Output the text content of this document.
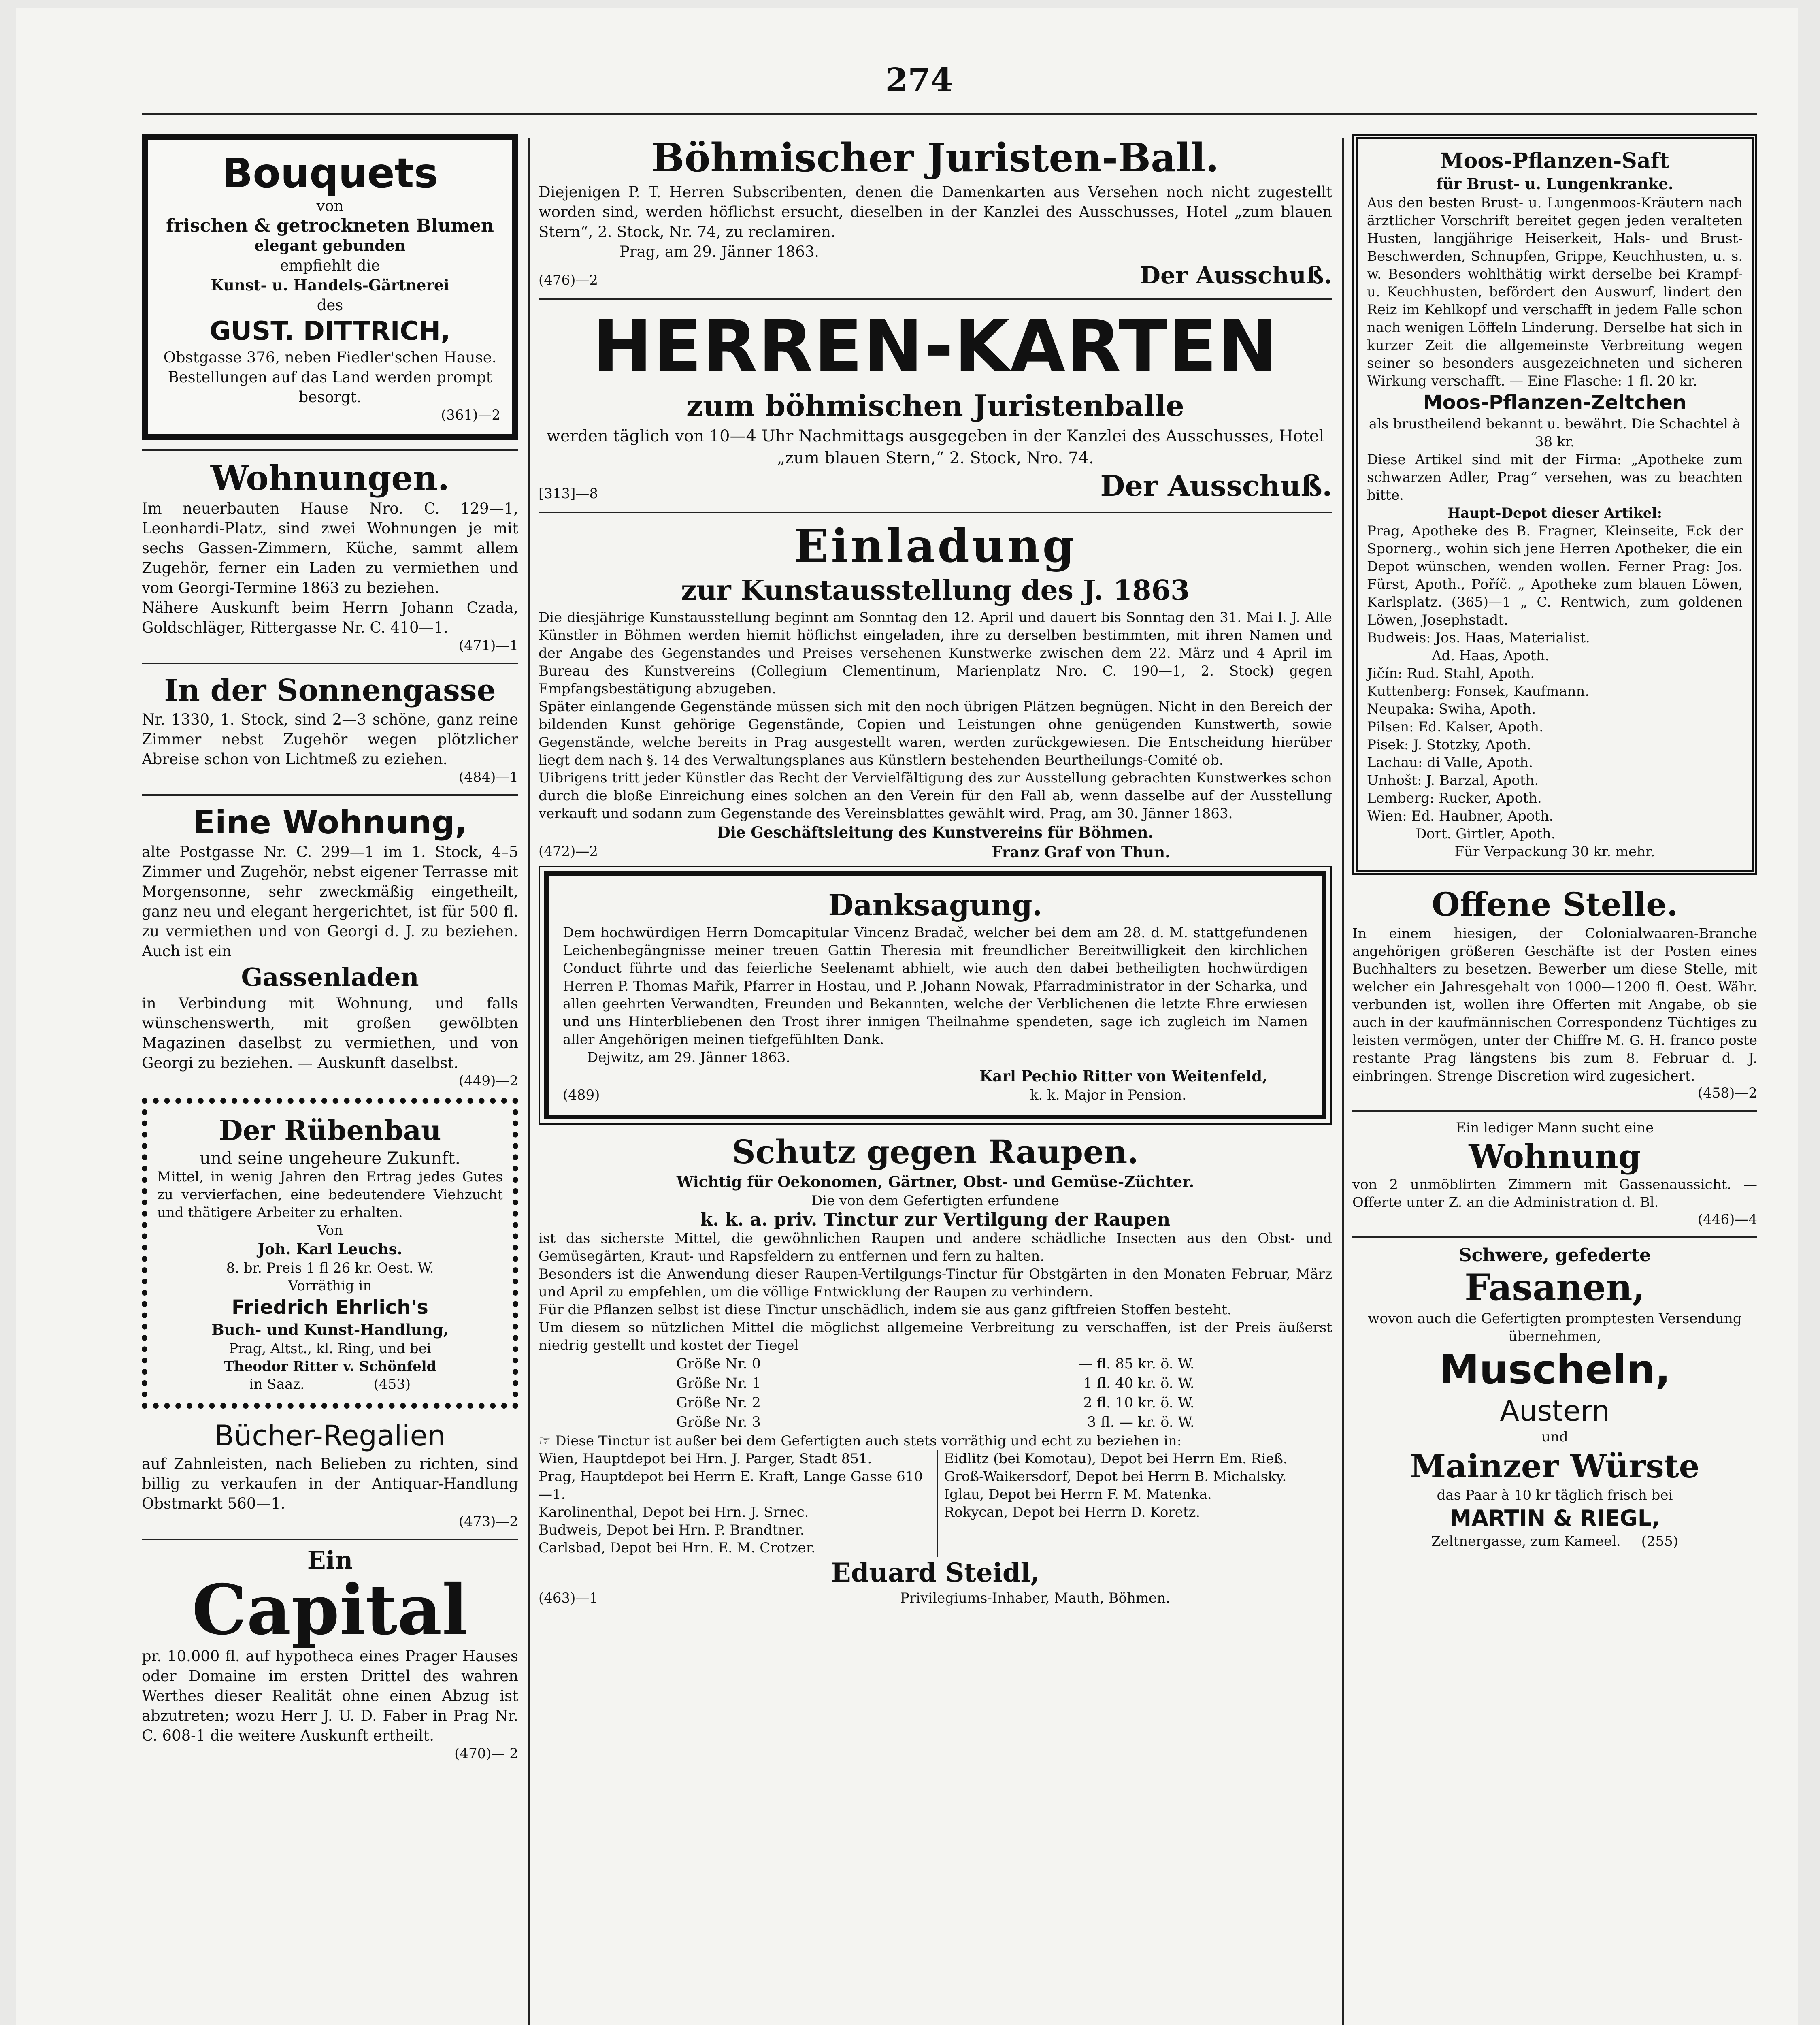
274
Bouquets
von
frischen & getrockneten Blumen
elegant gebunden
empfiehlt die
Kunst- u. Handels-Gärtnerei
des
GUST. DITTRICH,
Obstgasse 376, neben Fiedler'schen Hause. Bestellungen auf das Land werden prompt besorgt.
(361)—2
Wohnungen.
Im neuerbauten Hause Nro. C. 129—1, Leonhardi-Platz, sind zwei Wohnungen je mit sechs Gassen-Zimmern, Küche, sammt allem Zugehör, ferner ein Laden zu vermiethen und vom Georgi-Termine 1863 zu beziehen.
Nähere Auskunft beim Herrn Johann Czada, Goldschläger, Rittergasse Nr. C. 410—1.
(471)—1
In der Sonnengasse
Nr. 1330, 1. Stock, sind 2—3 schöne, ganz reine Zimmer nebst Zugehör wegen plötzlicher Abreise schon von Lichtmeß zu eziehen.
(484)—1
Eine Wohnung,
alte Postgasse Nr. C. 299—1 im 1. Stock, 4–5 Zimmer und Zugehör, nebst eigener Terrasse mit Morgensonne, sehr zweckmäßig eingetheilt, ganz neu und elegant hergerichtet, ist für 500 fl. zu vermiethen und von Georgi d. J. zu beziehen. Auch ist ein
Gassenladen
in Verbindung mit Wohnung, und falls wünschenswerth, mit großen gewölbten Magazinen daselbst zu vermiethen, und von Georgi zu beziehen. — Auskunft daselbst.
(449)—2
Der Rübenbau
und seine ungeheure Zukunft.
Mittel, in wenig Jahren den Ertrag jedes Gutes zu vervierfachen, eine bedeutendere Viehzucht und thätigere Arbeiter zu erhalten.
Von
Joh. Karl Leuchs.
8. br. Preis 1 fl 26 kr. Oest. W.
Vorräthig in
Friedrich Ehrlich's
Buch- und Kunst-Handlung,
Prag, Altst., kl. Ring, und bei
Theodor Ritter v. Schönfeld
in Saaz.	(453)
Bücher-Regalien
auf Zahnleisten, nach Belieben zu richten, sind billig zu verkaufen in der Antiquar-Handlung Obstmarkt 560—1.
(473)—2
Ein
Capital
pr. 10.000 fl. auf hypotheca eines Prager Hauses oder Domaine im ersten Drittel des wahren Werthes dieser Realität ohne einen Abzug ist abzutreten; wozu Herr J. U. D. Faber in Prag Nr. C. 608-1 die weitere Auskunft ertheilt.
(470)— 2
Böhmischer Juristen-Ball.
Diejenigen P. T. Herren Subscribenten, denen die Damenkarten aus Versehen noch nicht zugestellt worden sind, werden höflichst ersucht, dieselben in der Kanzlei des Ausschusses, Hotel „zum blauen Stern“, 2. Stock, Nr. 74, zu reclamiren.
Prag, am 29. Jänner 1863.
(476)—2	Der Ausschuß.
HERREN-KARTEN
zum böhmischen Juristenballe
werden täglich von 10—4 Uhr Nachmittags ausgegeben in der Kanzlei des Ausschusses, Hotel „zum blauen Stern,“ 2. Stock, Nro. 74.
[313]—8	Der Ausschuß.
Einladung
zur Kunstausstellung des J. 1863
Die diesjährige Kunstausstellung beginnt am Sonntag den 12. April und dauert bis Sonntag den 31. Mai l. J. Alle Künstler in Böhmen werden hiemit höflichst eingeladen, ihre zu derselben bestimmten, mit ihren Namen und der Angabe des Gegenstandes und Preises versehenen Kunstwerke zwischen dem 22. März und 4 April im Bureau des Kunstvereins (Collegium Clementinum, Marienplatz Nro. C. 190—1, 2. Stock) gegen Empfangsbestätigung abzugeben.
Später einlangende Gegenstände müssen sich mit den noch übrigen Plätzen begnügen. Nicht in den Bereich der bildenden Kunst gehörige Gegenstände, Copien und Leistungen ohne genügenden Kunstwerth, sowie Gegenstände, welche bereits in Prag ausgestellt waren, werden zurückgewiesen. Die Entscheidung hierüber liegt dem nach §. 14 des Verwaltungsplanes aus Künstlern bestehenden Beurtheilungs-Comité ob.
Uibrigens tritt jeder Künstler das Recht der Vervielfältigung des zur Ausstellung gebrachten Kunstwerkes schon durch die bloße Einreichung eines solchen an den Verein für den Fall ab, wenn dasselbe auf der Ausstellung verkauft und sodann zum Gegenstande des Vereinsblattes gewählt wird. Prag, am 30. Jänner 1863.
Die Geschäftsleitung des Kunstvereins für Böhmen.
(472)—2	Franz Graf von Thun.
Danksagung.
Dem hochwürdigen Herrn Domcapitular Vincenz Bradač, welcher bei dem am 28. d. M. stattgefundenen Leichenbegängnisse meiner treuen Gattin Theresia mit freundlicher Bereitwilligkeit den kirchlichen Conduct führte und das feierliche Seelenamt abhielt, wie auch den dabei betheiligten hochwürdigen Herren P. Thomas Mařik, Pfarrer in Hostau, und P. Johann Nowak, Pfarradministrator in der Scharka, und allen geehrten Verwandten, Freunden und Bekannten, welche der Verblichenen die letzte Ehre erwiesen und uns Hinterbliebenen den Trost ihrer innigen Theilnahme spendeten, sage ich zugleich im Namen aller Angehörigen meinen tiefgefühlten Dank.
Dejwitz, am 29. Jänner 1863.
Karl Pechio Ritter von Weitenfeld,
(489)	k. k. Major in Pension.
Schutz gegen Raupen.
Wichtig für Oekonomen, Gärtner, Obst- und Gemüse-Züchter.
Die von dem Gefertigten erfundene
k. k. a. priv. Tinctur zur Vertilgung der Raupen
ist das sicherste Mittel, die gewöhnlichen Raupen und andere schädliche Insecten aus den Obst- und Gemüsegärten, Kraut- und Rapsfeldern zu entfernen und fern zu halten.
Besonders ist die Anwendung dieser Raupen-Vertilgungs-Tinctur für Obstgärten in den Monaten Februar, März und April zu empfehlen, um die völlige Entwicklung der Raupen zu verhindern.
Für die Pflanzen selbst ist diese Tinctur unschädlich, indem sie aus ganz giftfreien Stoffen besteht.
Um diesem so nützlichen Mittel die möglichst allgemeine Verbreitung zu verschaffen, ist der Preis äußerst niedrig gestellt und kostet der Tiegel
Größe Nr. 0	— fl. 85 kr. ö. W.
Größe Nr. 1	1 fl. 40 kr. ö. W.
Größe Nr. 2	2 fl. 10 kr. ö. W.
Größe Nr. 3	3 fl. — kr. ö. W.
☞ Diese Tinctur ist außer bei dem Gefertigten auch stets vorräthig und echt zu beziehen in:
Wien, Hauptdepot bei Hrn. J. Parger, Stadt 851.
Prag, Hauptdepot bei Herrn E. Kraft, Lange Gasse 610—1.
Karolinenthal, Depot bei Hrn. J. Srnec.
Budweis, Depot bei Hrn. P. Brandtner.
Carlsbad, Depot bei Hrn. E. M. Crotzer.
Eidlitz (bei Komotau), Depot bei Herrn Em. Rieß.
Groß-Waikersdorf, Depot bei Herrn B. Michalsky.
Iglau, Depot bei Herrn F. M. Matenka.
Rokycan, Depot bei Herrn D. Koretz.
Eduard Steidl,
(463)—1	Privilegiums-Inhaber, Mauth, Böhmen.
Moos-Pflanzen-Saft
für Brust- u. Lungenkranke.
Aus den besten Brust- u. Lungenmoos-Kräutern nach ärztlicher Vorschrift bereitet gegen jeden veralteten Husten, langjährige Heiserkeit, Hals- und Brust-Beschwerden, Schnupfen, Grippe, Keuchhusten, u. s. w. Besonders wohlthätig wirkt derselbe bei Krampf- u. Keuchhusten, befördert den Auswurf, lindert den Reiz im Kehlkopf und verschafft in jedem Falle schon nach wenigen Löffeln Linderung. Derselbe hat sich in kurzer Zeit die allgemeinste Verbreitung wegen seiner so besonders ausgezeichneten und sicheren Wirkung verschafft. — Eine Flasche: 1 fl. 20 kr.
Moos-Pflanzen-Zeltchen
als brustheilend bekannt u. bewährt. Die Schachtel à 38 kr.
Diese Artikel sind mit der Firma: „Apotheke zum schwarzen Adler, Prag“ versehen, was zu beachten bitte.
Haupt-Depot dieser Artikel:
Prag, Apotheke des B. Fragner, Kleinseite, Eck der Spornerg., wohin sich jene Herren Apotheker, die ein Depot wünschen, wenden wollen. Ferner Prag: Jos. Fürst, Apoth., Poříč. „ Apotheke zum blauen Löwen, Karlsplatz. (365)—1 „ C. Rentwich, zum goldenen Löwen, Josephstadt.
Budweis: Jos. Haas, Materialist.
Ad. Haas, Apoth.
Jičín: Rud. Stahl, Apoth.
Kuttenberg: Fonsek, Kaufmann.
Neupaka: Swiha, Apoth.
Pilsen: Ed. Kalser, Apoth.
Pisek: J. Stotzky, Apoth.
Lachau: di Valle, Apoth.
Unhošt: J. Barzal, Apoth.
Lemberg: Rucker, Apoth.
Wien: Ed. Haubner, Apoth.
Dort. Girtler, Apoth.
Für Verpackung 30 kr. mehr.
Offene Stelle.
In einem hiesigen, der Colonialwaaren-Branche angehörigen größeren Geschäfte ist der Posten eines Buchhalters zu besetzen. Bewerber um diese Stelle, mit welcher ein Jahresgehalt von 1000—1200 fl. Oest. Währ. verbunden ist, wollen ihre Offerten mit Angabe, ob sie auch in der kaufmännischen Correspondenz Tüchtiges zu leisten vermögen, unter der Chiffre M. G. H. franco poste restante Prag längstens bis zum 8. Februar d. J. einbringen. Strenge Discretion wird zugesichert.
(458)—2
Ein lediger Mann sucht eine
Wohnung
von 2 unmöblirten Zimmern mit Gassenaussicht. — Offerte unter Z. an die Administration d. Bl.
(446)—4
Schwere, gefederte
Fasanen,
wovon auch die Gefertigten promptesten Versendung übernehmen,
Muscheln,
Austern
und
Mainzer Würste
das Paar à 10 kr täglich frisch bei
MARTIN & RIEGL,
Zeltnergasse, zum Kameel. (255)
